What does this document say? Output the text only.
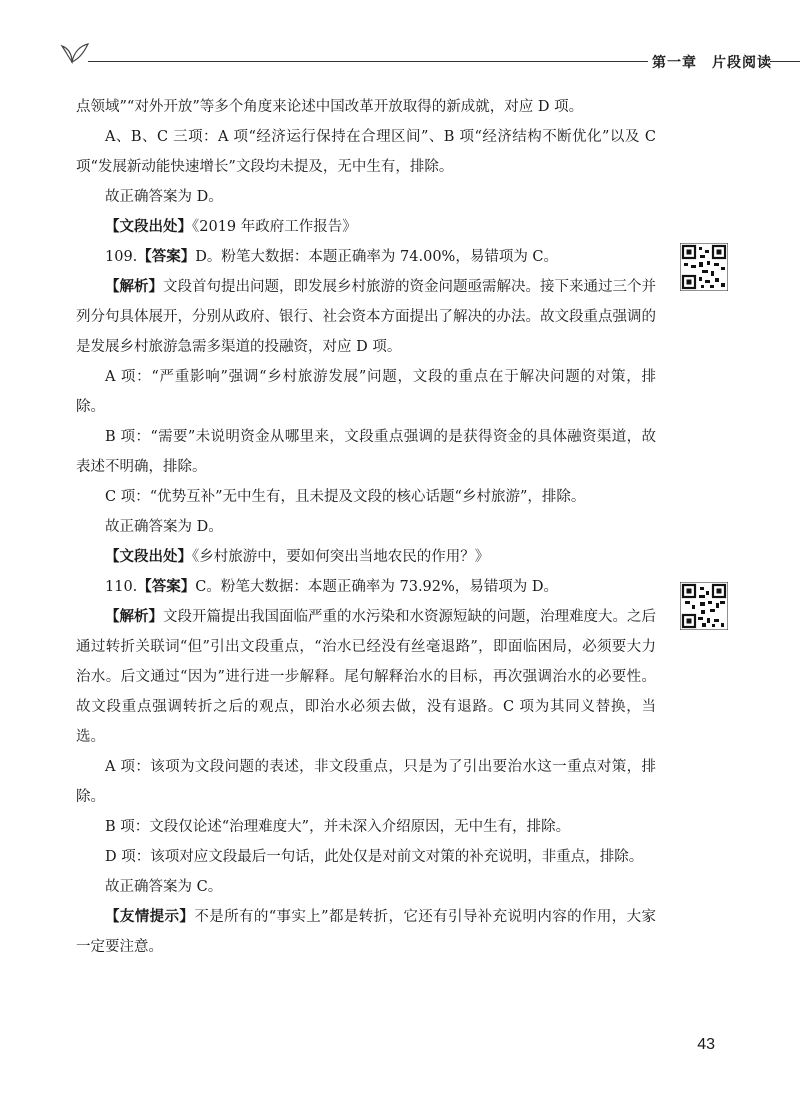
第一章　片段阅读

点领域”“对外开放”等多个角度来论述中国改革开放取得的新成就，对应 D 项。

A、B、C 三项：A 项“经济运行保持在合理区间”、B 项“经济结构不断优化”以及 C 项“发展新动能快速增长”文段均未提及，无中生有，排除。

故正确答案为 D。

【文段出处】《2019 年政府工作报告》

109.【答案】D。粉笔大数据：本题正确率为 74.00%，易错项为 C。

【解析】文段首句提出问题，即发展乡村旅游的资金问题亟需解决。接下来通过三个并列分句具体展开，分别从政府、银行、社会资本方面提出了解决的办法。故文段重点强调的是发展乡村旅游急需多渠道的投融资，对应 D 项。

A 项：“严重影响”强调“乡村旅游发展”问题，文段的重点在于解决问题的对策，排除。

B 项：“需要”未说明资金从哪里来，文段重点强调的是获得资金的具体融资渠道，故表述不明确，排除。

C 项：“优势互补”无中生有，且未提及文段的核心话题“乡村旅游”，排除。

故正确答案为 D。

【文段出处】《乡村旅游中，要如何突出当地农民的作用？》

110.【答案】C。粉笔大数据：本题正确率为 73.92%，易错项为 D。

【解析】文段开篇提出我国面临严重的水污染和水资源短缺的问题，治理难度大。之后通过转折关联词“但”引出文段重点，“治水已经没有丝毫退路”，即面临困局，必须要大力治水。后文通过“因为”进行进一步解释。尾句解释治水的目标，再次强调治水的必要性。故文段重点强调转折之后的观点，即治水必须去做，没有退路。C 项为其同义替换，当选。

A 项：该项为文段问题的表述，非文段重点，只是为了引出要治水这一重点对策，排除。

B 项：文段仅论述“治理难度大”，并未深入介绍原因，无中生有，排除。

D 项：该项对应文段最后一句话，此处仅是对前文对策的补充说明，非重点，排除。

故正确答案为 C。

【友情提示】不是所有的“事实上”都是转折，它还有引导补充说明内容的作用，大家一定要注意。

43
